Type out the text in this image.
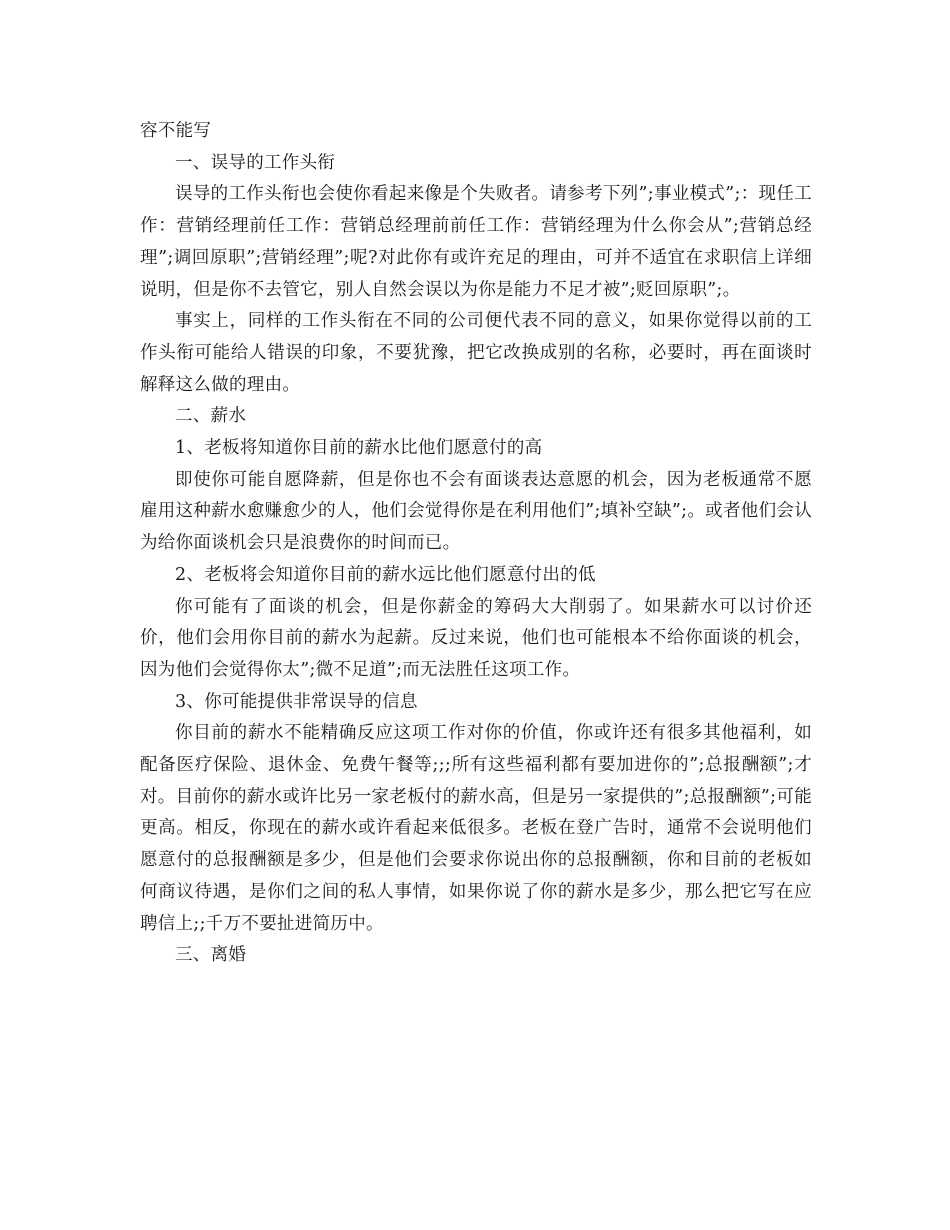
容不能写

一、误导的工作头衔

误导的工作头衔也会使你看起来像是个失败者。请参考下列”;事业模式”;：现任工作：营销经理前任工作：营销总经理前前任工作：营销经理为什么你会从”;营销总经理”;调回原职”;营销经理”;呢?对此你有或许充足的理由，可并不适宜在求职信上详细说明，但是你不去管它，别人自然会误以为你是能力不足才被”;贬回原职”;。

事实上，同样的工作头衔在不同的公司便代表不同的意义，如果你觉得以前的工作头衔可能给人错误的印象，不要犹豫，把它改换成别的名称，必要时，再在面谈时解释这么做的理由。

二、薪水

1、老板将知道你目前的薪水比他们愿意付的高

即使你可能自愿降薪，但是你也不会有面谈表达意愿的机会，因为老板通常不愿雇用这种薪水愈赚愈少的人，他们会觉得你是在利用他们”;填补空缺”;。或者他们会认为给你面谈机会只是浪费你的时间而已。

2、老板将会知道你目前的薪水远比他们愿意付出的低

你可能有了面谈的机会，但是你薪金的筹码大大削弱了。如果薪水可以讨价还价，他们会用你目前的薪水为起薪。反过来说，他们也可能根本不给你面谈的机会，因为他们会觉得你太”;微不足道”;而无法胜任这项工作。

3、你可能提供非常误导的信息

你目前的薪水不能精确反应这项工作对你的价值，你或许还有很多其他福利，如配备医疗保险、退休金、免费午餐等;;;所有这些福利都有要加进你的”;总报酬额”;才对。目前你的薪水或许比另一家老板付的薪水高，但是另一家提供的”;总报酬额”;可能更高。相反，你现在的薪水或许看起来低很多。老板在登广告时，通常不会说明他们愿意付的总报酬额是多少，但是他们会要求你说出你的总报酬额，你和目前的老板如何商议待遇，是你们之间的私人事情，如果你说了你的薪水是多少，那么把它写在应聘信上;;千万不要扯进简历中。

三、离婚
